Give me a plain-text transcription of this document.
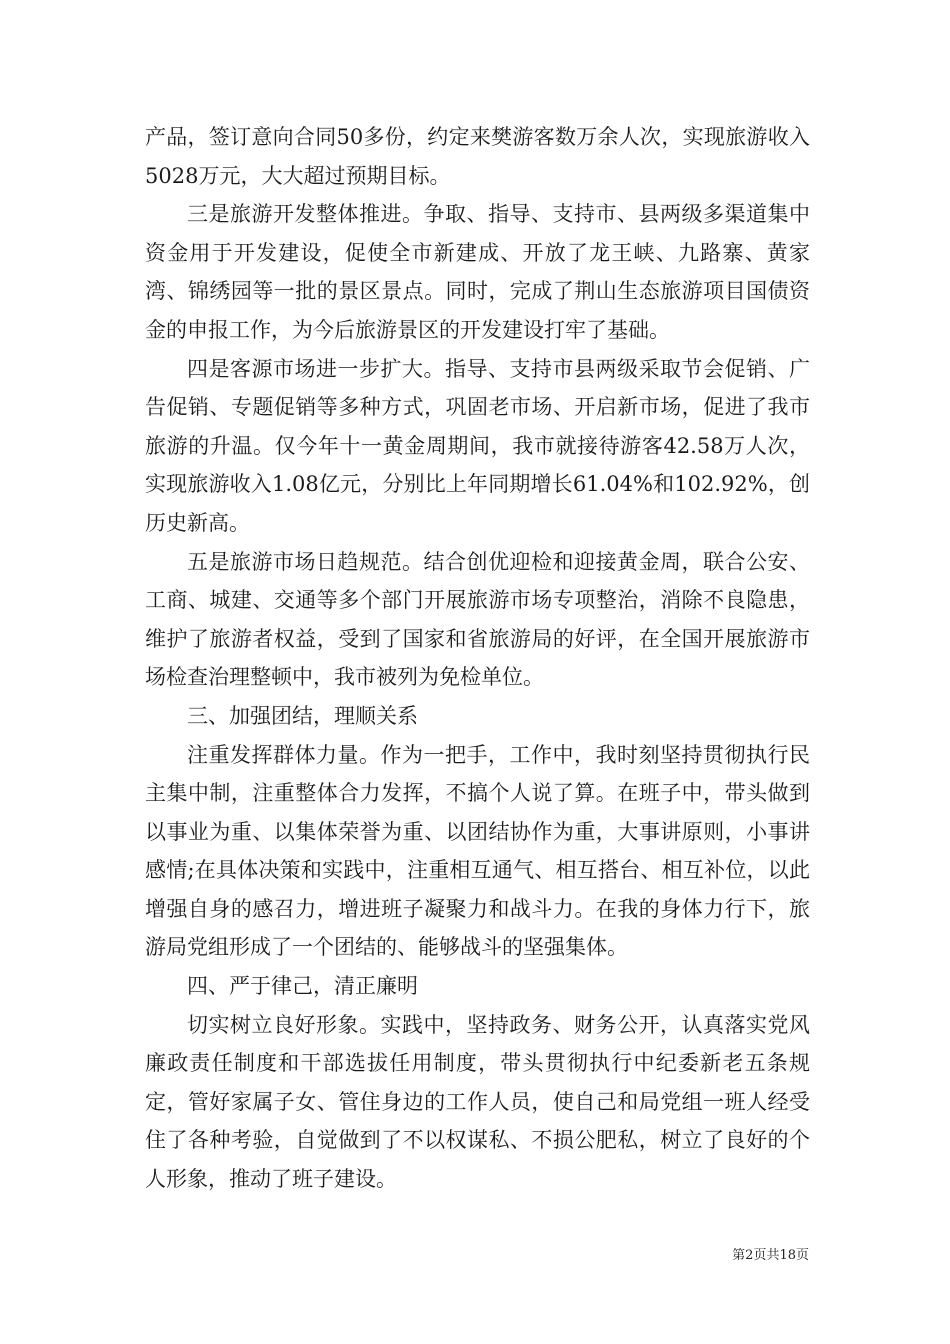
产品，签订意向合同50多份，约定来樊游客数万余人次，实现旅游收入5028万元，大大超过预期目标。

三是旅游开发整体推进。争取、指导、支持市、县两级多渠道集中资金用于开发建设，促使全市新建成、开放了龙王峡、九路寨、黄家湾、锦绣园等一批的景区景点。同时，完成了荆山生态旅游项目国债资金的申报工作，为今后旅游景区的开发建设打牢了基础。

四是客源市场进一步扩大。指导、支持市县两级采取节会促销、广告促销、专题促销等多种方式，巩固老市场、开启新市场，促进了我市旅游的升温。仅今年十一黄金周期间，我市就接待游客42.58万人次，实现旅游收入1.08亿元，分别比上年同期增长61.04%和102.92%，创历史新高。

五是旅游市场日趋规范。结合创优迎检和迎接黄金周，联合公安、工商、城建、交通等多个部门开展旅游市场专项整治，消除不良隐患，维护了旅游者权益，受到了国家和省旅游局的好评，在全国开展旅游市场检查治理整顿中，我市被列为免检单位。

三、加强团结，理顺关系

注重发挥群体力量。作为一把手，工作中，我时刻坚持贯彻执行民主集中制，注重整体合力发挥，不搞个人说了算。在班子中，带头做到以事业为重、以集体荣誉为重、以团结协作为重，大事讲原则，小事讲感情;在具体决策和实践中，注重相互通气、相互搭台、相互补位，以此增强自身的感召力，增进班子凝聚力和战斗力。在我的身体力行下，旅游局党组形成了一个团结的、能够战斗的坚强集体。

四、严于律己，清正廉明

切实树立良好形象。实践中，坚持政务、财务公开，认真落实党风廉政责任制度和干部选拔任用制度，带头贯彻执行中纪委新老五条规定，管好家属子女、管住身边的工作人员，使自己和局党组一班人经受住了各种考验，自觉做到了不以权谋私、不损公肥私，树立了良好的个人形象，推动了班子建设。

第2页共18页
